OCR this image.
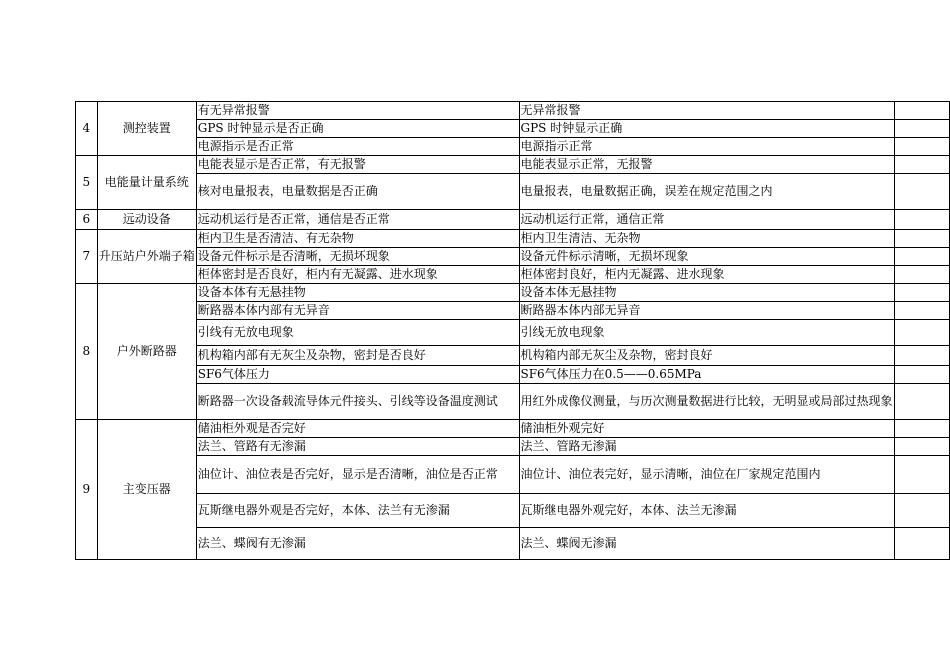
4	测控装置	有无异常报警	无异常报警	
		GPS 时钟显示是否正确	GPS 时钟显示正确	
		电源指示是否正常	电源指示正常	
5	电能量计量系统	电能表显示是否正常，有无报警	电能表显示正常，无报警	
		核对电量报表，电量数据是否正确	电量报表，电量数据正确，误差在规定范围之内	
6	远动设备	远动机运行是否正常，通信是否正常	远动机运行正常，通信正常	
7	升压站户外端子箱	柜内卫生是否清洁、有无杂物	柜内卫生清洁、无杂物	
		设备元件标示是否清晰，无损坏现象	设备元件标示清晰，无损坏现象	
		柜体密封是否良好，柜内有无凝露、进水现象	柜体密封良好，柜内无凝露、进水现象	
8	户外断路器	设备本体有无悬挂物	设备本体无悬挂物	
		断路器本体内部有无异音	断路器本体内部无异音	
		引线有无放电现象	引线无放电现象	
		机构箱内部有无灰尘及杂物，密封是否良好	机构箱内部无灰尘及杂物，密封良好	
		SF6气体压力	SF6气体压力在0.5——0.65MPa	
		断路器一次设备载流导体元件接头、引线等设备温度测试	用红外成像仪测量，与历次测量数据进行比较，无明显或局部过热现象	
9	主变压器	储油柜外观是否完好	储油柜外观完好	
		法兰、管路有无渗漏	法兰、管路无渗漏	
		油位计、油位表是否完好，显示是否清晰，油位是否正常	油位计、油位表完好，显示清晰，油位在厂家规定范围内	
		瓦斯继电器外观是否完好，本体、法兰有无渗漏	瓦斯继电器外观完好，本体、法兰无渗漏	
		法兰、蝶阀有无渗漏	法兰、蝶阀无渗漏	
